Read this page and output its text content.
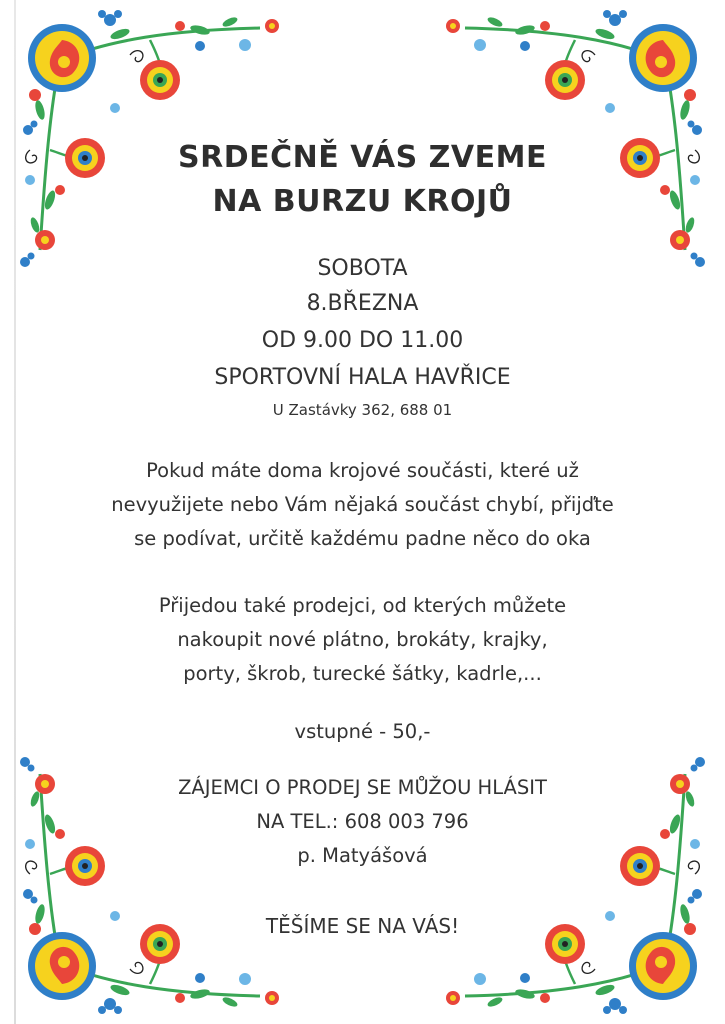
SRDEČNĚ VÁS ZVEME
NA BURZU KROJŮ
SOBOTA
8.BŘEZNA
OD 9.00 DO 11.00
SPORTOVNÍ HALA HAVŘICE
U Zastávky 362, 688 01
Pokud máte doma krojové součásti, které už
nevyužijete nebo Vám nějaká součást chybí, přijďte
se podívat, určitě každému padne něco do oka
Přijedou také prodejci, od kterých můžete
nakoupit nové plátno, brokáty, krajky,
porty, škrob, turecké šátky, kadrle,...
vstupné - 50,-
ZÁJEMCI O PRODEJ SE MŮŽOU HLÁSIT
NA TEL.: 608 003 796
p. Matyášová
TĚŠÍME SE NA VÁS!
